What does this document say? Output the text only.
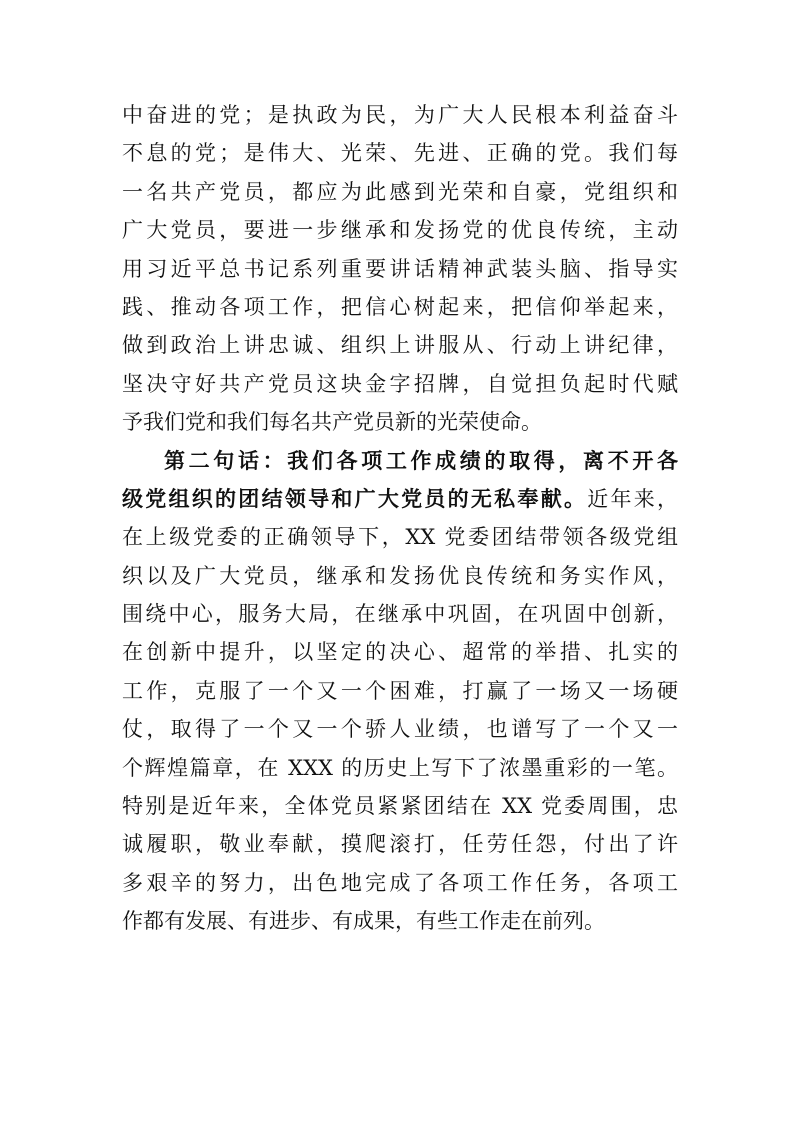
中奋进的党；是执政为民，为广大人民根本利益奋斗
不息的党；是伟大、光荣、先进、正确的党。我们每
一名共产党员，都应为此感到光荣和自豪，党组织和
广大党员，要进一步继承和发扬党的优良传统，主动
用习近平总书记系列重要讲话精神武装头脑、指导实
践、推动各项工作，把信心树起来，把信仰举起来，
做到政治上讲忠诚、组织上讲服从、行动上讲纪律，
坚决守好共产党员这块金字招牌，自觉担负起时代赋
予我们党和我们每名共产党员新的光荣使命。
第二句话：我们各项工作成绩的取得，离不开各
级党组织的团结领导和广大党员的无私奉献。近年来，
在上级党委的正确领导下，XX 党委团结带领各级党组
织以及广大党员，继承和发扬优良传统和务实作风，
围绕中心，服务大局，在继承中巩固，在巩固中创新，
在创新中提升，以坚定的决心、超常的举措、扎实的
工作，克服了一个又一个困难，打赢了一场又一场硬
仗，取得了一个又一个骄人业绩，也谱写了一个又一
个辉煌篇章，在 XXX 的历史上写下了浓墨重彩的一笔。
特别是近年来，全体党员紧紧团结在 XX 党委周围，忠
诚履职，敬业奉献，摸爬滚打，任劳任怨，付出了许
多艰辛的努力，出色地完成了各项工作任务，各项工
作都有发展、有进步、有成果，有些工作走在前列。
